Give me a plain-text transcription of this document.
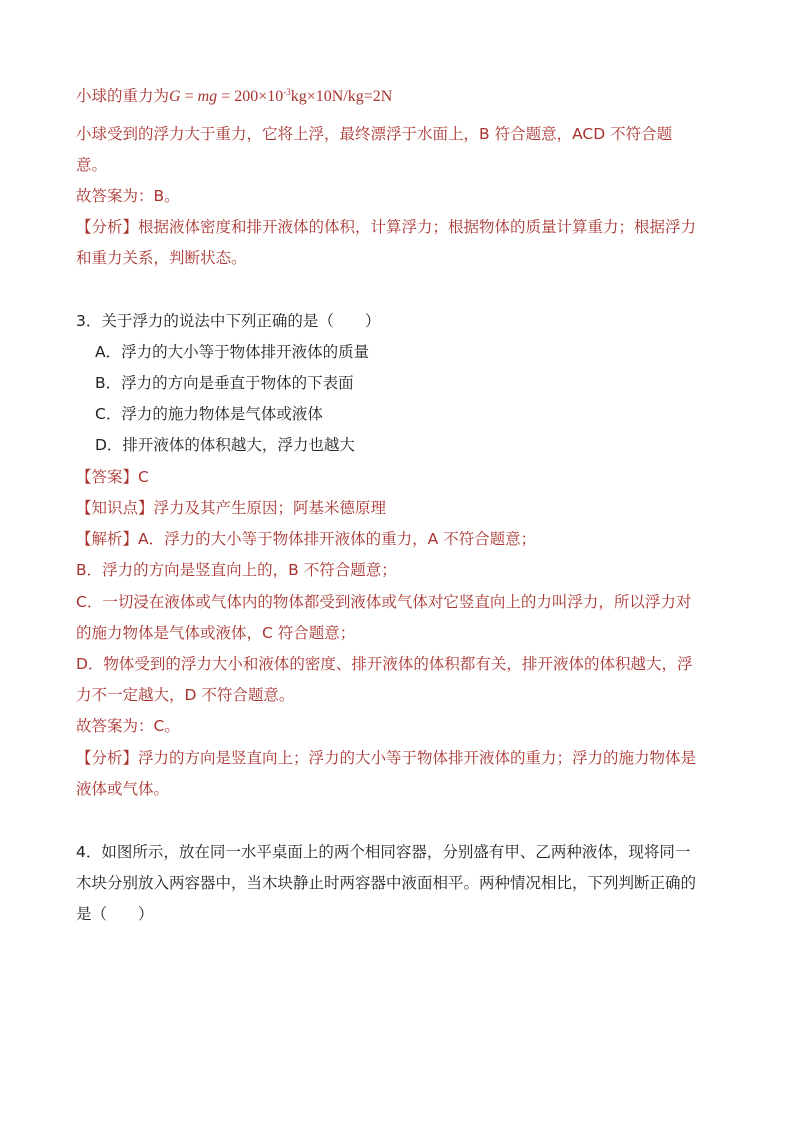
小球的重力为G = mg = $200\times 10^{-3}kg\times 10N/kg=2N$
小球受到的浮力大于重力，它将上浮，最终漂浮于水面上，B 符合题意，ACD 不符合题
意。
故答案为：B。
【分析】根据液体密度和排开液体的体积，计算浮力；根据物体的质量计算重力；根据浮力
和重力关系，判断状态。
3．关于浮力的说法中下列正确的是（　　）
A．浮力的大小等于物体排开液体的质量
B．浮力的方向是垂直于物体的下表面
C．浮力的施力物体是气体或液体
D．排开液体的体积越大，浮力也越大
【答案】C
【知识点】浮力及其产生原因；阿基米德原理
【解析】A．浮力的大小等于物体排开液体的重力，A 不符合题意；
B．浮力的方向是竖直向上的，B 不符合题意；
C．一切浸在液体或气体内的物体都受到液体或气体对它竖直向上的力叫浮力，所以浮力对
的施力物体是气体或液体，C 符合题意；
D．物体受到的浮力大小和液体的密度、排开液体的体积都有关，排开液体的体积越大，浮
力不一定越大，D 不符合题意。
故答案为：C。
【分析】浮力的方向是竖直向上；浮力的大小等于物体排开液体的重力；浮力的施力物体是
液体或气体。
4．如图所示，放在同一水平桌面上的两个相同容器，分别盛有甲、乙两种液体，现将同一
木块分别放入两容器中，当木块静止时两容器中液面相平。两种情况相比，下列判断正确的
是（　　）
